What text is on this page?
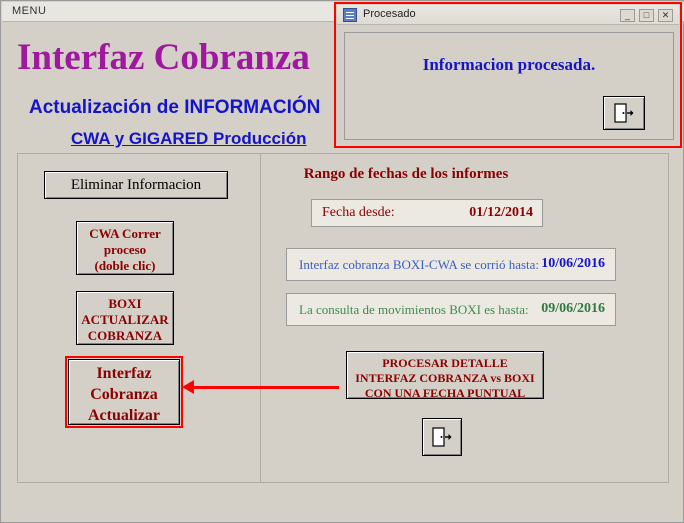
MENU
Interfaz Cobranza
Actualización de INFORMACIÓN
CWA y GIGARED Producción
Eliminar Informacion
CWA Correr
proceso
(doble clic)
BOXI
ACTUALIZAR
COBRANZA
Interfaz
Cobranza
Actualizar
Rango de fechas de los informes
Fecha desde:	01/12/2014
Interfaz cobranza BOXI-CWA se corrió hasta: 10/06/2016
La consulta de movimientos BOXI es hasta: 09/06/2016
PROCESAR DETALLE
INTERFAZ COBRANZA vs BOXI
CON UNA FECHA PUNTUAL
Procesado	_	□	✕
Informacion procesada.
